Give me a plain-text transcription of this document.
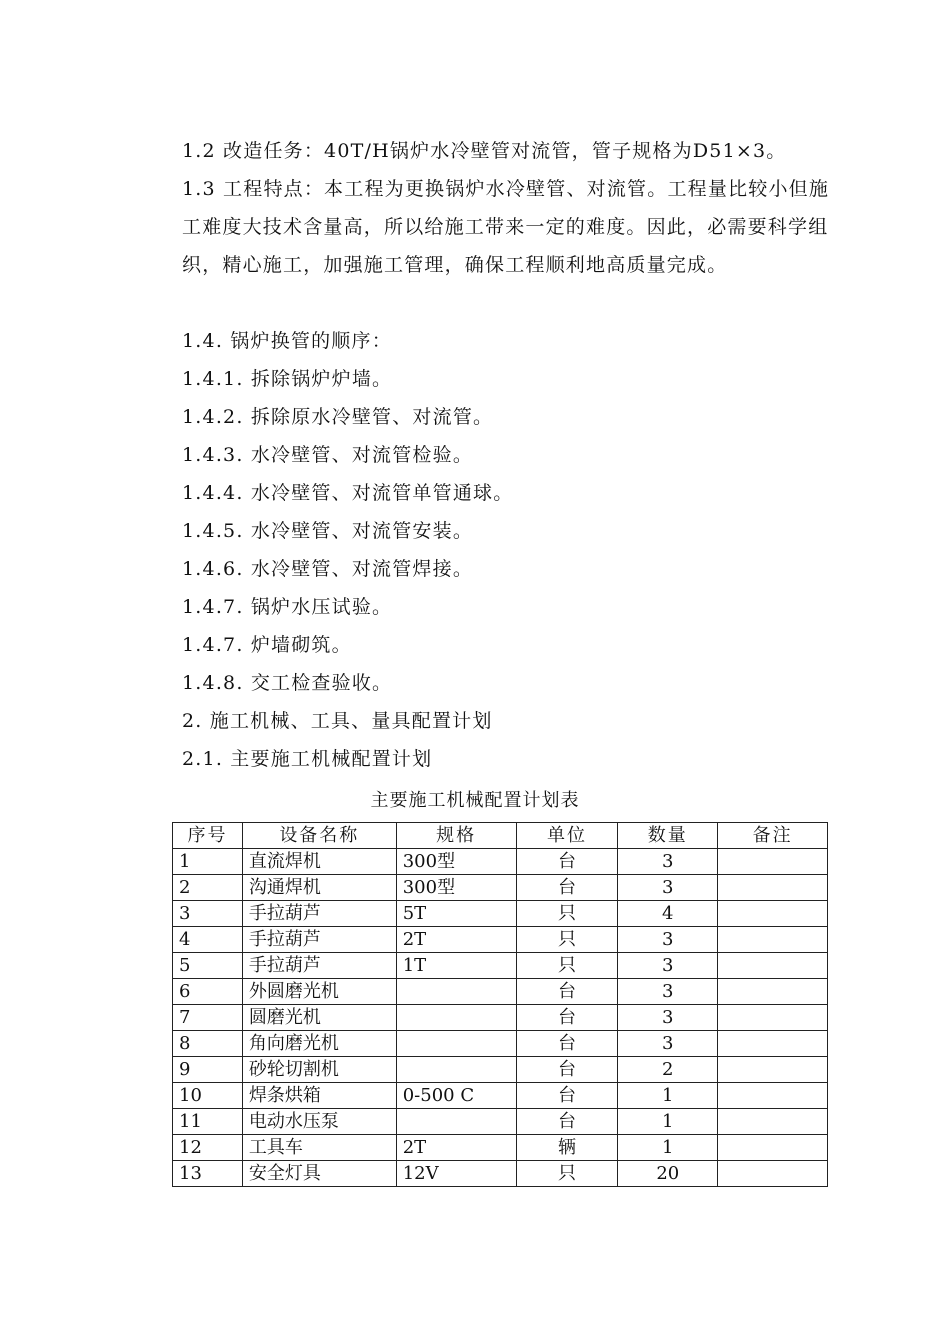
1.2 改造任务：40T/H锅炉水冷壁管对流管，管子规格为D51×3。
1.3 工程特点：本工程为更换锅炉水冷壁管、对流管。工程量比较小但施工难度大技术含量高，所以给施工带来一定的难度。因此，必需要科学组织，精心施工，加强施工管理，确保工程顺利地高质量完成。
1.4. 锅炉换管的顺序：
1.4.1. 拆除锅炉炉墙。
1.4.2. 拆除原水冷壁管、对流管。
1.4.3. 水冷壁管、对流管检验。
1.4.4. 水冷壁管、对流管单管通球。
1.4.5. 水冷壁管、对流管安装。
1.4.6. 水冷壁管、对流管焊接。
1.4.7. 锅炉水压试验。
1.4.7. 炉墙砌筑。
1.4.8. 交工检查验收。
2. 施工机械、工具、量具配置计划
2.1. 主要施工机械配置计划
主要施工机械配置计划表
序号	设备名称	规格	单位	数量	备注
1	直流焊机	300型	台	3	
2	沟通焊机	300型	台	3	
3	手拉葫芦	5T	只	4	
4	手拉葫芦	2T	只	3	
5	手拉葫芦	1T	只	3	
6	外圆磨光机		台	3	
7	圆磨光机		台	3	
8	角向磨光机		台	3	
9	砂轮切割机		台	2	
10	焊条烘箱	0-500 C	台	1	
11	电动水压泵		台	1	
12	工具车	2T	辆	1	
13	安全灯具	12V	只	20	
